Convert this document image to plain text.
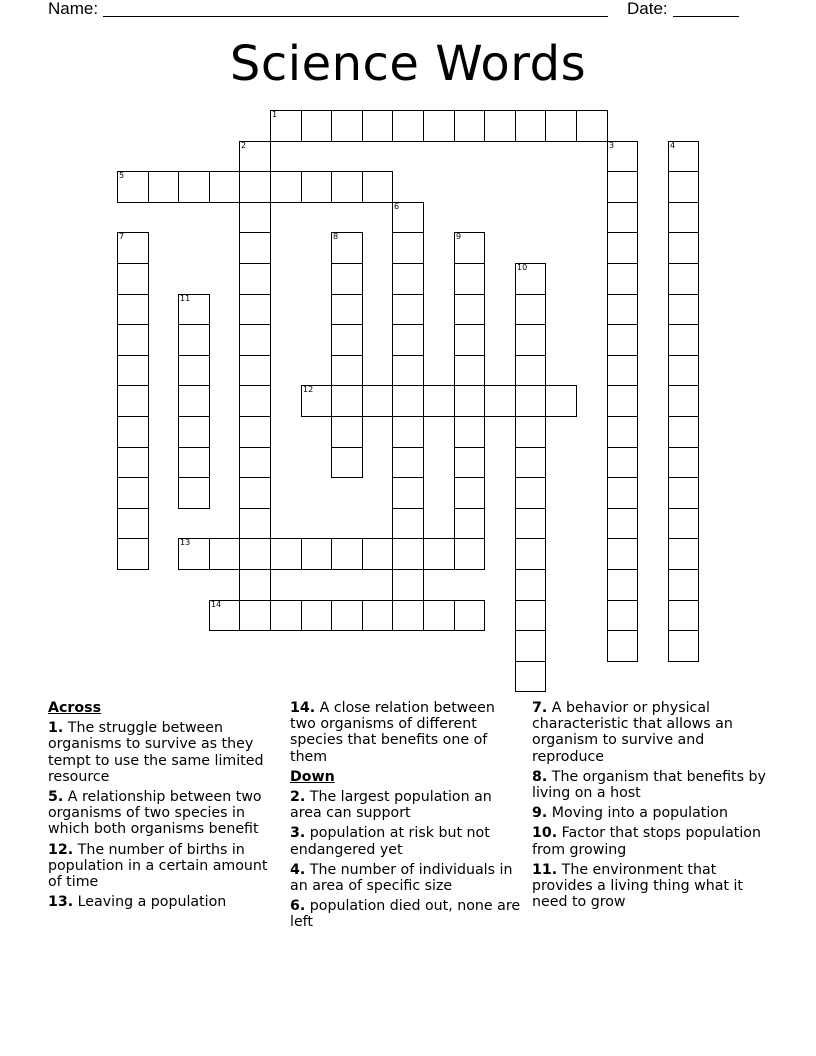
Name:	Date:
Science Words
1
5
12
13
14
2	3	4
6
7	8	9
10
11
Across
1. The struggle between organisms to survive as they tempt to use the same limited resource
5. A relationship between two organisms of two species in which both organisms benefit
12. The number of births in population in a certain amount of time
13. Leaving a population
14. A close relation between two organisms of different species that benefits one of them
Down
2. The largest population an area can support
3. population at risk but not endangered yet
4. The number of individuals in an area of specific size
6. population died out, none are left
7. A behavior or physical characteristic that allows an organism to survive and reproduce
8. The organism that benefits by living on a host
9. Moving into a population
10. Factor that stops population from growing
11. The environment that provides a living thing what it need to grow
